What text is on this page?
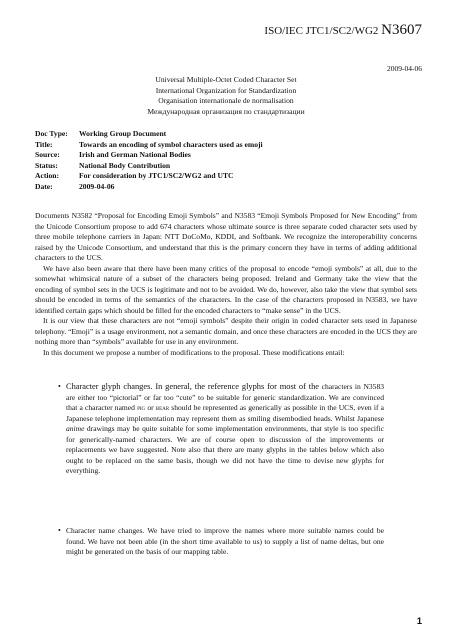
ISO/IEC JTC1/SC2/WG2 N3607
2009-04-06
Universal Multiple-Octet Coded Character Set
International Organization for Standardization
Organisation internationale de normalisation
Международная организация по стандартизации
Doc Type:	Working Group Document
Title:	Towards an encoding of symbol characters used as emoji
Source:	Irish and German National Bodies
Status:	National Body Contribution
Action:	For consideration by JTC1/SC2/WG2 and UTC
Date:	2009-04-06

Documents N3582 “Proposal for Encoding Emoji Symbols” and N3583 “Emoji Symbols Proposed for New Encoding” from the Unicode Consortium propose to add 674 characters whose ultimate source is three separate coded character sets used by three mobile telephone carriers in Japan: NTT DoCoMo, KDDI, and Softbank. We recognize the interoperability concerns raised by the Unicode Consortium, and understand that this is the primary concern they have in terms of adding additional characters to the UCS.

We have also been aware that there have been many critics of the proposal to encode “emoji symbols” at all, due to the somewhat whimsical nature of a subset of the characters being proposed. Ireland and Germany take the view that the encoding of symbol sets in the UCS is legitimate and not to be avoided. We do, however, also take the view that symbol sets should be encoded in terms of the semantics of the characters. In the case of the characters proposed in N3583, we have identified certain gaps which should be filled for the encoded characters to “make sense” in the UCS.

It is our view that these characters are not “emoji symbols” despite their origin in coded character sets used in Japanese telephony. “Emoji” is a usage environment, not a semantic domain, and once these characters are encoded in the UCS they are nothing more than “symbols” available for use in any environment.

In this document we propose a number of modifications to the proposal. These modifications entail:

• Character glyph changes. In general, the reference glyphs for most of the characters in N3583 are either too “pictorial” or far too “cute” to be suitable for generic standardization. We are convinced that a character named pig or bear should be represented as generically as possible in the UCS, even if a Japanese telephone implementation may represent them as smiling disembodied heads. Whilst Japanese anime drawings may be quite suitable for some implementation environments, that style is too specific for generically-named characters. We are of course open to discussion of the improvements or replacements we have suggested. Note also that there are many glyphs in the tables below which also ought to be replaced on the same basis, though we did not have the time to devise new glyphs for everything.
• Character name changes. We have tried to improve the names where more suitable names could be found. We have not been able (in the short time available to us) to supply a list of name deltas, but one might be generated on the basis of our mapping table.
1
